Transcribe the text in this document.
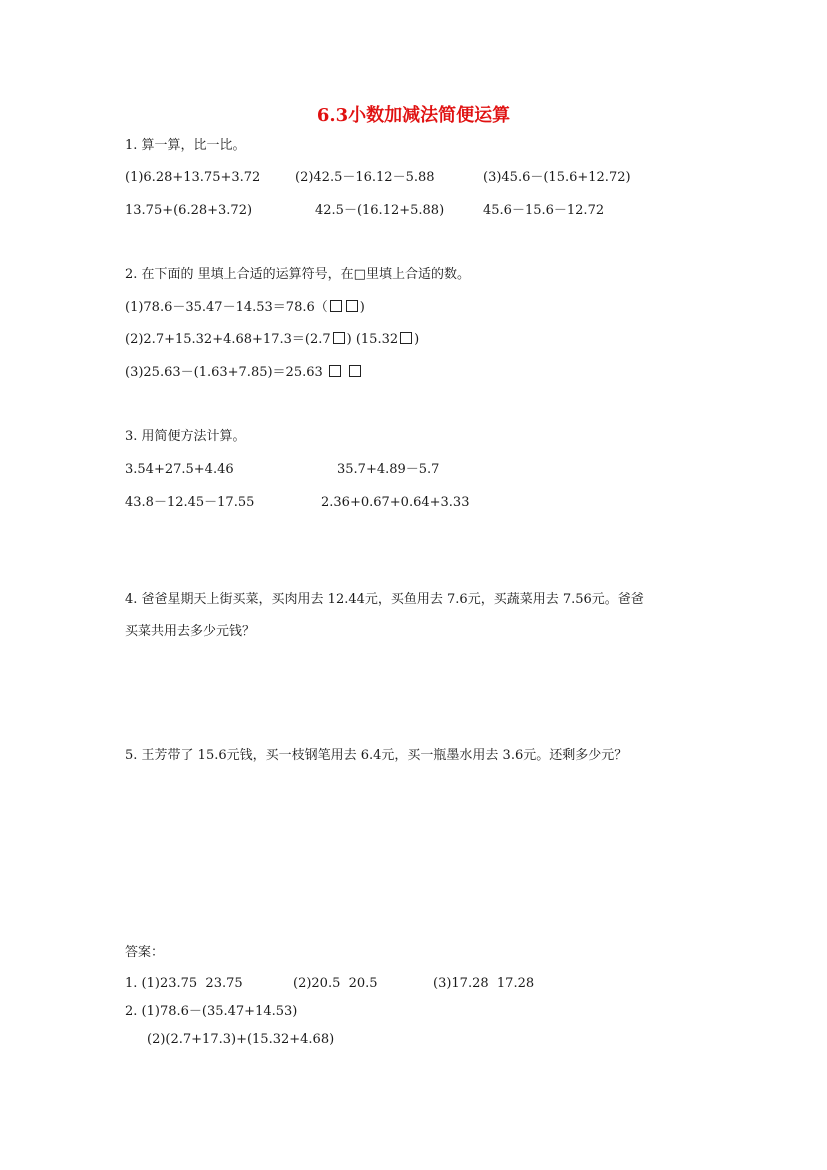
6.3小数加减法简便运算
1. 算一算，比一比。
(1)6.28+13.75+3.72	(2)42.5－16.12－5.88	(3)45.6－(15.6+12.72)
13.75+(6.28+3.72)	42.5－(16.12+5.88)	45.6－15.6－12.72
2. 在下面的 里填上合适的运算符号，在□里填上合适的数。
(1)78.6－35.47－14.53＝78.6（ )
(2)2.7+15.32+4.68+17.3＝(2.7 ) (15.32 )
(3)25.63－(1.63+7.85)＝25.63
3. 用简便方法计算。
3.54+27.5+4.46	35.7+4.89－5.7
43.8－12.45－17.55	2.36+0.67+0.64+3.33
4. 爸爸星期天上街买菜，买肉用去 12.44元，买鱼用去 7.6元，买蔬菜用去 7.56元。爸爸
买菜共用去多少元钱？
5. 王芳带了 15.6元钱，买一枝钢笔用去 6.4元，买一瓶墨水用去 3.6元。还剩多少元？
答案：
1. (1)23.75  23.75	(2)20.5  20.5	(3)17.28  17.28
2. (1)78.6－(35.47+14.53)
(2)(2.7+17.3)+(15.32+4.68)
